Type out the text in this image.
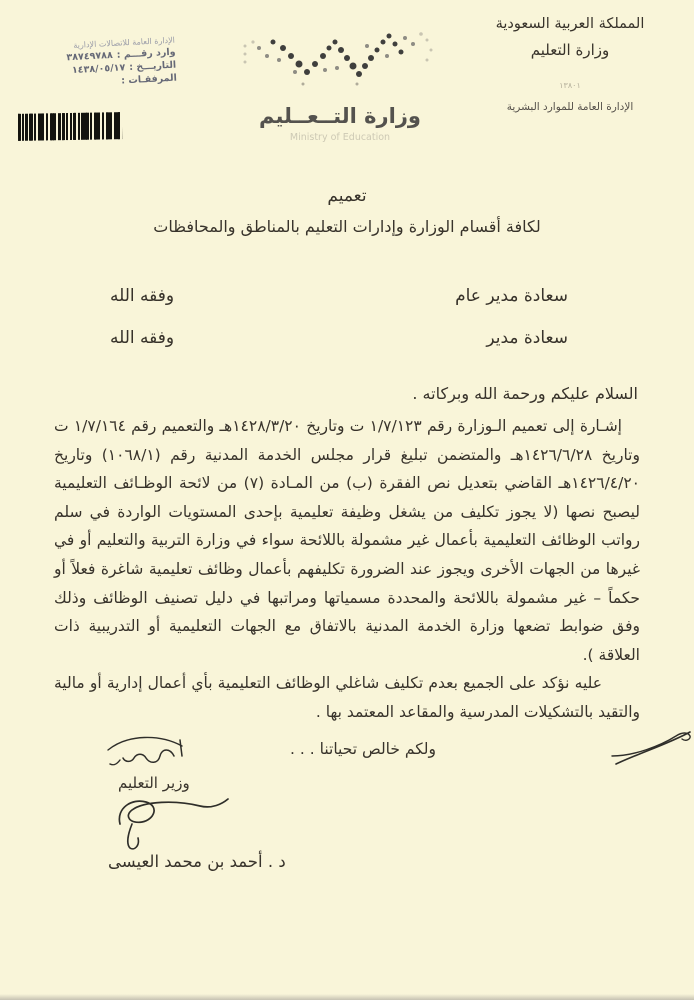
المملكة العربية السعودية
وزارة التعليم
١٣٨٠١
الإدارة العامة للموارد البشرية
وزارة التــعــليم
Ministry of Education
الإدارة العامة للاتصالات الإدارية
وارد رقـــم :
٣٨٧٤٩٧٨٨
التاريـــخ :
١٤٣٨/٠٥/١٧
المرفقـات :
تعميم
لكافة أقسام الوزارة وإدارات التعليم بالمناطق والمحافظات
سعادة مدير عام
وفقه الله
سعادة مدير
وفقه الله
السلام عليكم ورحمة الله وبركاته .

إشـارة إلى تعميم الـوزارة رقم ١/٧/١٢٣ ت وتاريخ ١٤٢٨/٣/٢٠هـ والتعميم رقم ١/٧/١٦٤ ت وتاريخ ١٤٢٦/٦/٢٨هـ والمتضمن تبليغ قرار مجلس الخدمة المدنية رقم (١٠٦٨/١) وتاريخ ١٤٢٦/٤/٢٠هـ القاضي بتعديل نص الفقرة (ب) من المـادة (٧) من لائحة الوظـائف التعليمية ليصبح نصها (لا يجوز تكليف من يشغل وظيفة تعليمية بإحدى المستويات الواردة في سلم رواتب الوظائف التعليمية بأعمال غير مشمولة باللائحة سواء في وزارة التربية والتعليم أو في غيرها من الجهات الأخرى ويجوز عند الضرورة تكليفهم بأعمال وظائف تعليمية شاغرة فعلاً أو حكماً – غير مشمولة باللائحة والمحددة مسمياتها ومراتبها في دليل تصنيف الوظائف وذلك وفق ضوابط تضعها وزارة الخدمة المدنية بالاتفاق مع الجهات التعليمية أو التدريبية ذات العلاقة ).

عليه نؤكد على الجميع بعدم تكليف شاغلي الوظائف التعليمية بأي أعمال إدارية أو مالية والتقيد بالتشكيلات المدرسية والمقاعد المعتمد بها .

ولكم خالص تحياتنا . . .
وزير التعليم
د . أحمد بن محمد العيسى
